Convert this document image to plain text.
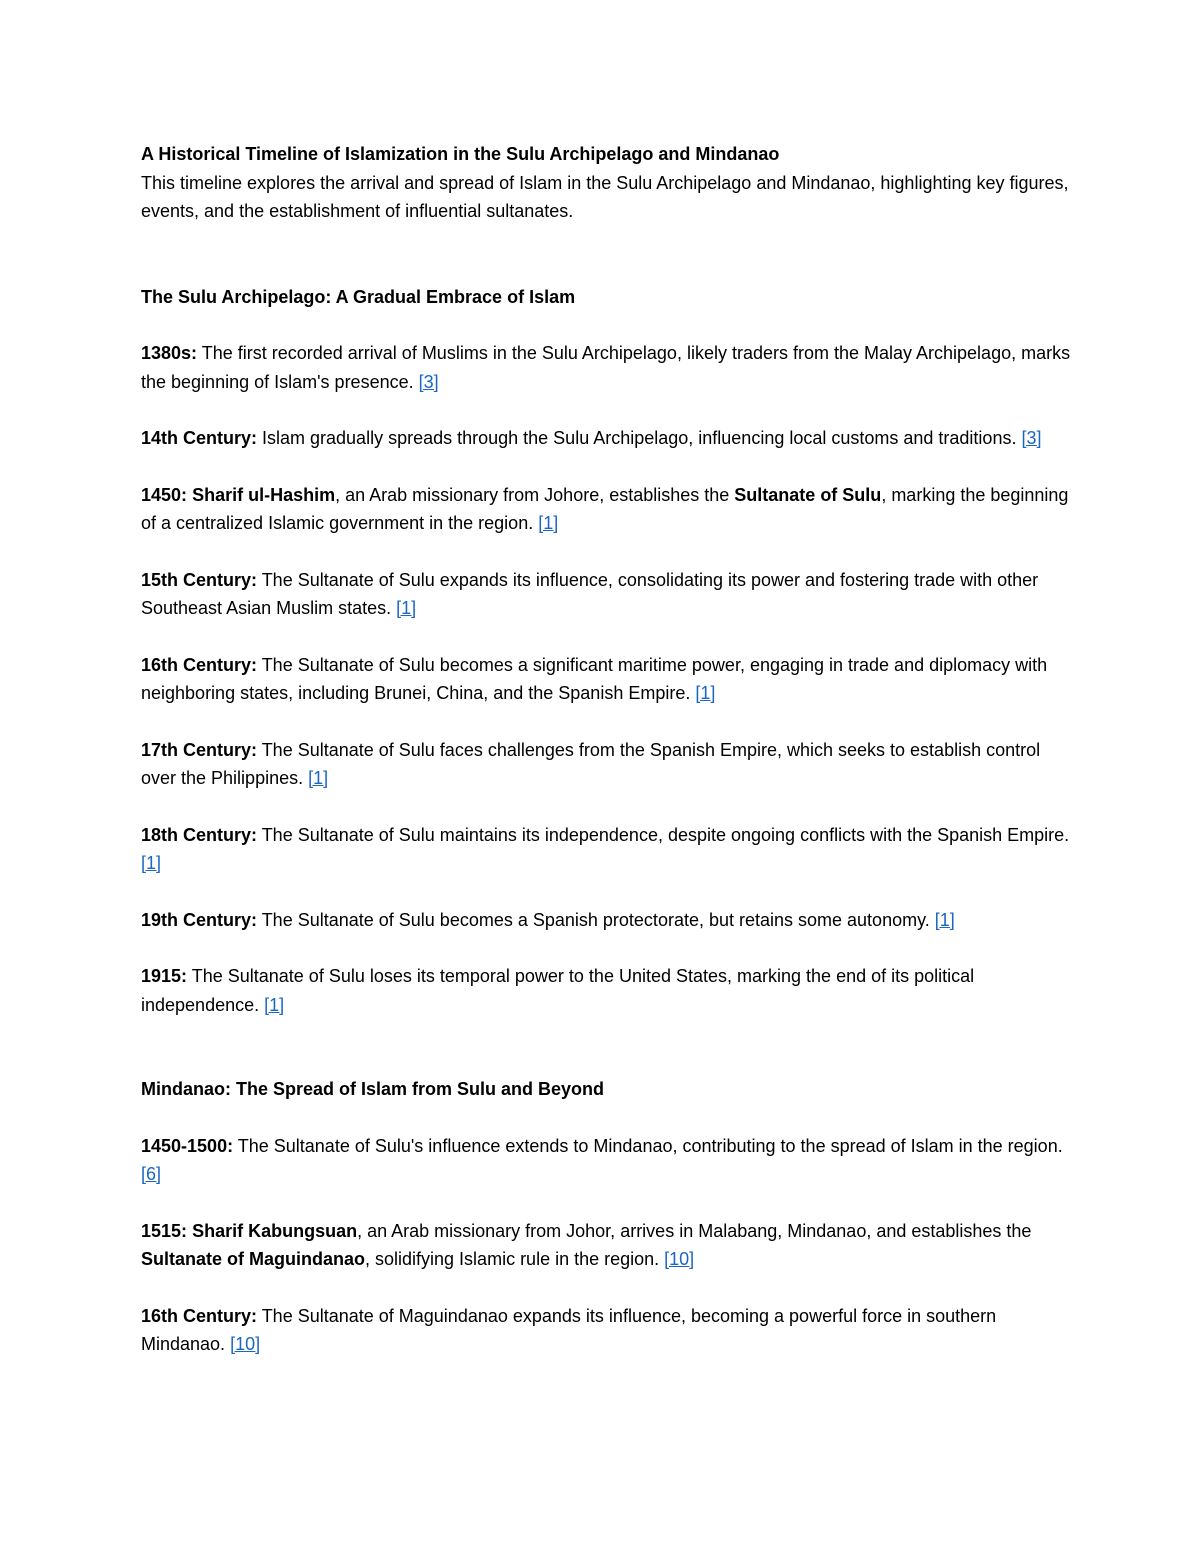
A Historical Timeline of Islamization in the Sulu Archipelago and Mindanao

This timeline explores the arrival and spread of Islam in the Sulu Archipelago and Mindanao, highlighting key figures, events, and the establishment of influential sultanates.

The Sulu Archipelago: A Gradual Embrace of Islam

1380s: The first recorded arrival of Muslims in the Sulu Archipelago, likely traders from the Malay Archipelago, marks the beginning of Islam's presence. [3]

14th Century: Islam gradually spreads through the Sulu Archipelago, influencing local customs and traditions. [3]

1450: Sharif ul-Hashim, an Arab missionary from Johore, establishes the Sultanate of Sulu, marking the beginning of a centralized Islamic government in the region. [1]

15th Century: The Sultanate of Sulu expands its influence, consolidating its power and fostering trade with other Southeast Asian Muslim states. [1]

16th Century: The Sultanate of Sulu becomes a significant maritime power, engaging in trade and diplomacy with neighboring states, including Brunei, China, and the Spanish Empire. [1]

17th Century: The Sultanate of Sulu faces challenges from the Spanish Empire, which seeks to establish control over the Philippines. [1]

18th Century: The Sultanate of Sulu maintains its independence, despite ongoing conflicts with the Spanish Empire. [1]

19th Century: The Sultanate of Sulu becomes a Spanish protectorate, but retains some autonomy. [1]

1915: The Sultanate of Sulu loses its temporal power to the United States, marking the end of its political independence. [1]

Mindanao: The Spread of Islam from Sulu and Beyond

1450-1500: The Sultanate of Sulu's influence extends to Mindanao, contributing to the spread of Islam in the region. [6]

1515: Sharif Kabungsuan, an Arab missionary from Johor, arrives in Malabang, Mindanao, and establishes the Sultanate of Maguindanao, solidifying Islamic rule in the region. [10]

16th Century: The Sultanate of Maguindanao expands its influence, becoming a powerful force in southern Mindanao. [10]
